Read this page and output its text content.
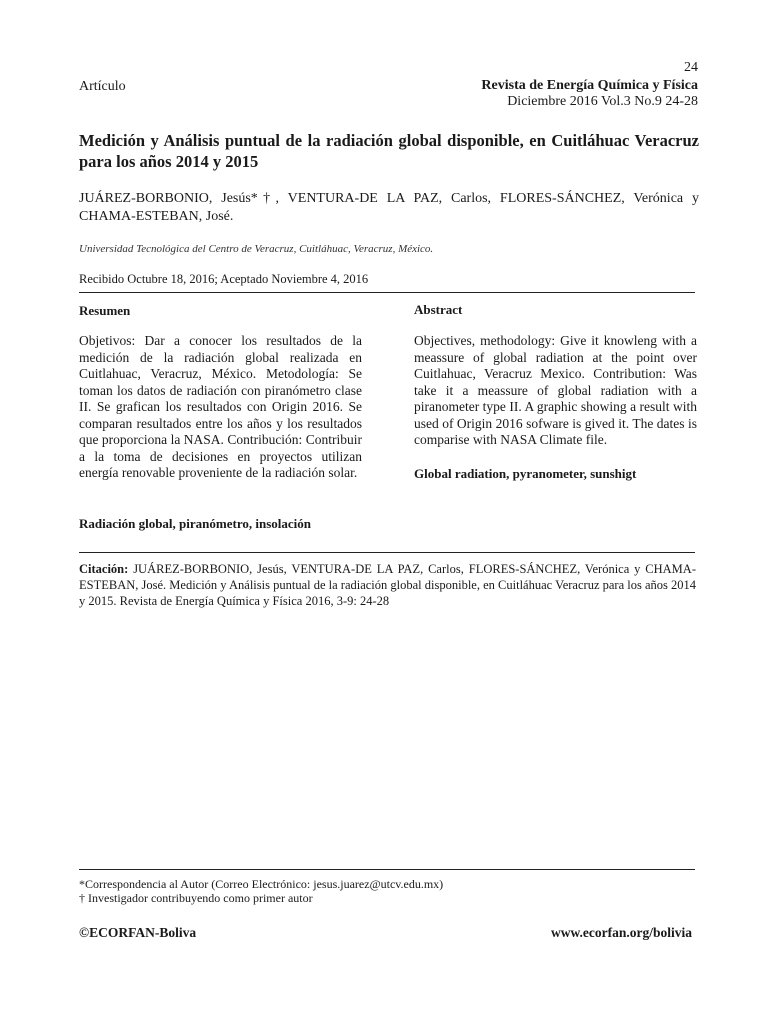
24
Artículo	Revista de Energía Química y Física
Diciembre 2016 Vol.3 No.9 24-28
Medición y Análisis puntual de la radiación global disponible, en Cuitláhuac Veracruz para los años 2014 y 2015
JUÁREZ-BORBONIO, Jesús*†, VENTURA-DE LA PAZ, Carlos, FLORES-SÁNCHEZ, Verónica y CHAMA-ESTEBAN, José.
Universidad Tecnológica del Centro de Veracruz, Cuitláhuac, Veracruz, México.
Recibido Octubre 18, 2016; Aceptado Noviembre 4, 2016
Resumen	Abstract
Objetivos: Dar a conocer los resultados de la medición de la radiación global realizada en Cuitlahuac, Veracruz, México. Metodología: Se toman los datos de radiación con piranómetro clase II. Se grafican los resultados con Origin 2016. Se comparan resultados entre los años y los resultados que proporciona la NASA. Contribución: Contribuir a la toma de decisiones en proyectos utilizan energía renovable proveniente de la radiación solar.
Objectives, methodology: Give it knowleng with a meassure of global radiation at the point over Cuitlahuac, Veracruz Mexico. Contribution: Was take it a meassure of global radiation with a piranometer type II. A graphic showing a result with used of Origin 2016 sofware is gived it. The dates is comparise with NASA Climate file.
Global radiation, pyranometer, sunshigt
Radiación global, piranómetro, insolación
Citación: JUÁREZ-BORBONIO, Jesús, VENTURA-DE LA PAZ, Carlos, FLORES-SÁNCHEZ, Verónica y CHAMA-ESTEBAN, José. Medición y Análisis puntual de la radiación global disponible, en Cuitláhuac Veracruz para los años 2014 y 2015. Revista de Energía Química y Física 2016, 3-9: 24-28
*Correspondencia al Autor (Correo Electrónico: jesus.juarez@utcv.edu.mx)
† Investigador contribuyendo como primer autor
©ECORFAN-Boliva	www.ecorfan.org/bolivia
